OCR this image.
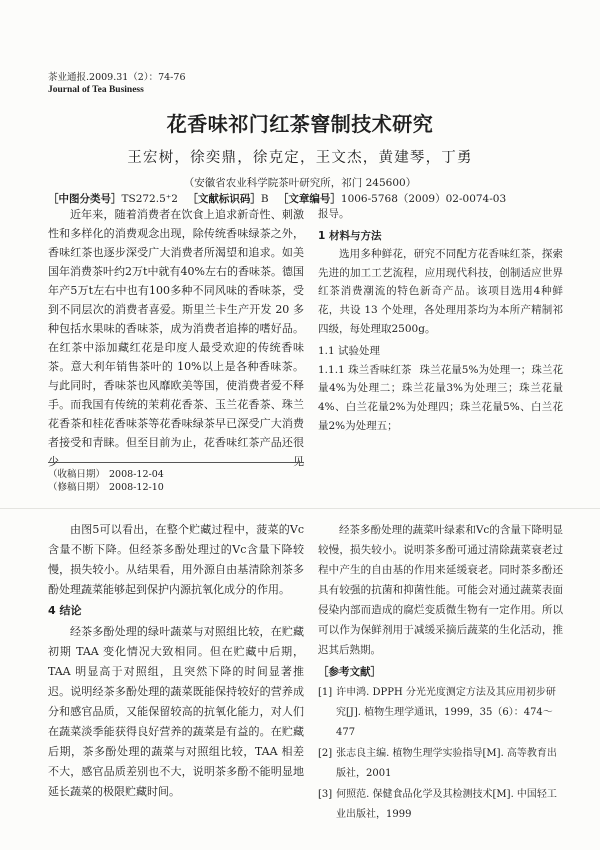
茶业通报.2009.31（2）：74-76
Journal of Tea Business
花香味祁门红茶窨制技术研究
王宏树，徐奕鼎，徐克定，王文杰，黄建琴，丁勇
（安徽省农业科学院茶叶研究所，祁门 245600）
［中图分类号］TS272.5⁺2 ［文献标识码］B ［文章编号］1006-5768（2009）02-0074-03

近年来，随着消费者在饮食上追求新奇性、刺激性和多样化的消费观念出现，除传统香味绿茶之外，香味红茶也逐步深受广大消费者所渴望和追求。如美国年消费茶叶约2万t中就有40%左右的香味茶。德国年产5万t左右中也有100多种不同风味的香味茶，受到不同层次的消费者喜爱。斯里兰卡生产开发 20 多种包括水果味的香味茶，成为消费者追捧的嗜好品。在红茶中添加藏红花是印度人最受欢迎的传统香味茶。意大利年销售茶叶的 10%以上是各种香味茶。与此同时，香味茶也风靡欧美等国，使消费者爱不释手。而我国有传统的茉莉花香茶、玉兰花香茶、珠兰花香茶和桂花香味茶等花香味绿茶早已深受广大消费者接受和青睐。但至目前为止，花香味红茶产品还很少见

报导。

1 材料与方法

选用多种鲜花，研究不同配方花香味红茶，探索先进的加工工艺流程，应用现代科技，创制适应世界红茶消费潮流的特色新奇产品。该项目选用4种鲜花，共设 13 个处理，各处理用茶均为本所产精制祁四级，每处理取2500g。

1.1 试验处理

1.1.1 珠兰香味红茶 珠兰花量5%为处理一；珠兰花量4%为处理二；珠兰花量3%为处理三；珠兰花量4%、白兰花量2%为处理四；珠兰花量5%、白兰花量2%为处理五；

（收稿日期） 2008-12-04
（修稿日期） 2008-12-10

由图5可以看出，在整个贮藏过程中，菠菜的Vc含量不断下降。但经茶多酚处理过的Vc含量下降较慢，损失较小。从结果看，用外源自由基清除剂茶多酚处理蔬菜能够起到保护内源抗氧化成分的作用。

4 结论

经茶多酚处理的绿叶蔬菜与对照组比较，在贮藏初期 TAA 变化情况大致相同。但在贮藏中后期，TAA 明显高于对照组，且突然下降的时间显著推迟。说明经茶多酚处理的蔬菜既能保持较好的营养成分和感官品质，又能保留较高的抗氧化能力，对人们在蔬菜淡季能获得良好营养的蔬菜是有益的。在贮藏后期，茶多酚处理的蔬菜与对照组比较，TAA 相差不大，感官品质差别也不大，说明茶多酚不能明显地延长蔬菜的极限贮藏时间。

经茶多酚处理的蔬菜叶绿素和Vc的含量下降明显较慢，损失较小。说明茶多酚可通过清除蔬菜衰老过程中产生的自由基的作用来延缓衰老。同时茶多酚还具有较强的抗菌和抑菌性能。可能会对通过蔬菜表面侵染内部而造成的腐烂变质微生物有一定作用。所以可以作为保鲜剂用于减缓采摘后蔬菜的生化活动，推迟其后熟期。

［参考文献］

[1] 许申鸿. DPPH 分光光度测定方法及其应用初步研究[J]. 植物生理学通讯，1999，35（6）：474～477

[2] 张志良主编. 植物生理学实验指导[M]. 高等教育出版社，2001

[3] 何照范. 保健食品化学及其检测技术[M]. 中国轻工业出版社，1999
